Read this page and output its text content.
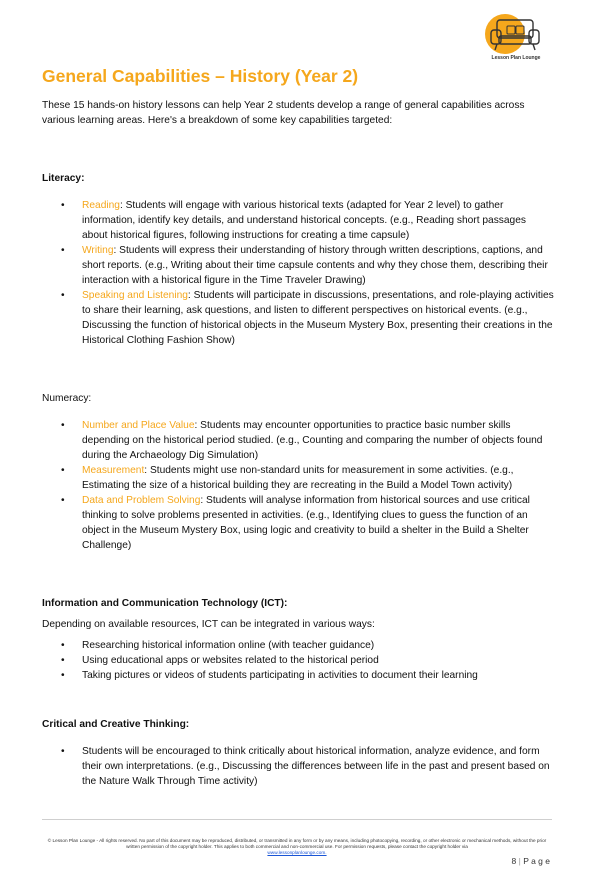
Lesson Plan Lounge
General Capabilities – History (Year 2)

These 15 hands-on history lessons can help Year 2 students develop a range of general capabilities across various learning areas. Here's a breakdown of some key capabilities targeted:

Literacy:

• Reading: Students will engage with various historical texts (adapted for Year 2 level) to gather information, identify key details, and understand historical concepts. (e.g., Reading short passages about historical figures, following instructions for creating a time capsule)
• Writing: Students will express their understanding of history through written descriptions, captions, and short reports. (e.g., Writing about their time capsule contents and why they chose them, describing their interaction with a historical figure in the Time Traveler Drawing)
• Speaking and Listening: Students will participate in discussions, presentations, and role-playing activities to share their learning, ask questions, and listen to different perspectives on historical events. (e.g., Discussing the function of historical objects in the Museum Mystery Box, presenting their creations in the Historical Clothing Fashion Show)

Numeracy:

• Number and Place Value: Students may encounter opportunities to practice basic number skills depending on the historical period studied. (e.g., Counting and comparing the number of objects found during the Archaeology Dig Simulation)
• Measurement: Students might use non-standard units for measurement in some activities. (e.g., Estimating the size of a historical building they are recreating in the Build a Model Town activity)
• Data and Problem Solving: Students will analyse information from historical sources and use critical thinking to solve problems presented in activities. (e.g., Identifying clues to guess the function of an object in the Museum Mystery Box, using logic and creativity to build a shelter in the Build a Shelter Challenge)

Information and Communication Technology (ICT):

Depending on available resources, ICT can be integrated in various ways:

• Researching historical information online (with teacher guidance)
• Using educational apps or websites related to the historical period
• Taking pictures or videos of students participating in activities to document their learning

Critical and Creative Thinking:

• Students will be encouraged to think critically about historical information, analyze evidence, and form their own interpretations. (e.g., Discussing the differences between life in the past and present based on the Nature Walk Through Time activity)
© Lesson Plan Lounge - All rights reserved. No part of this document may be reproduced, distributed, or transmitted in any form or by any means, including photocopying, recording, or other electronic or mechanical methods, without the prior written permission of the copyright holder. This applies to both commercial and non-commercial use. For permission requests, please contact the copyright holder via
www.lessonplanlounge.com.
8 | P a g e
